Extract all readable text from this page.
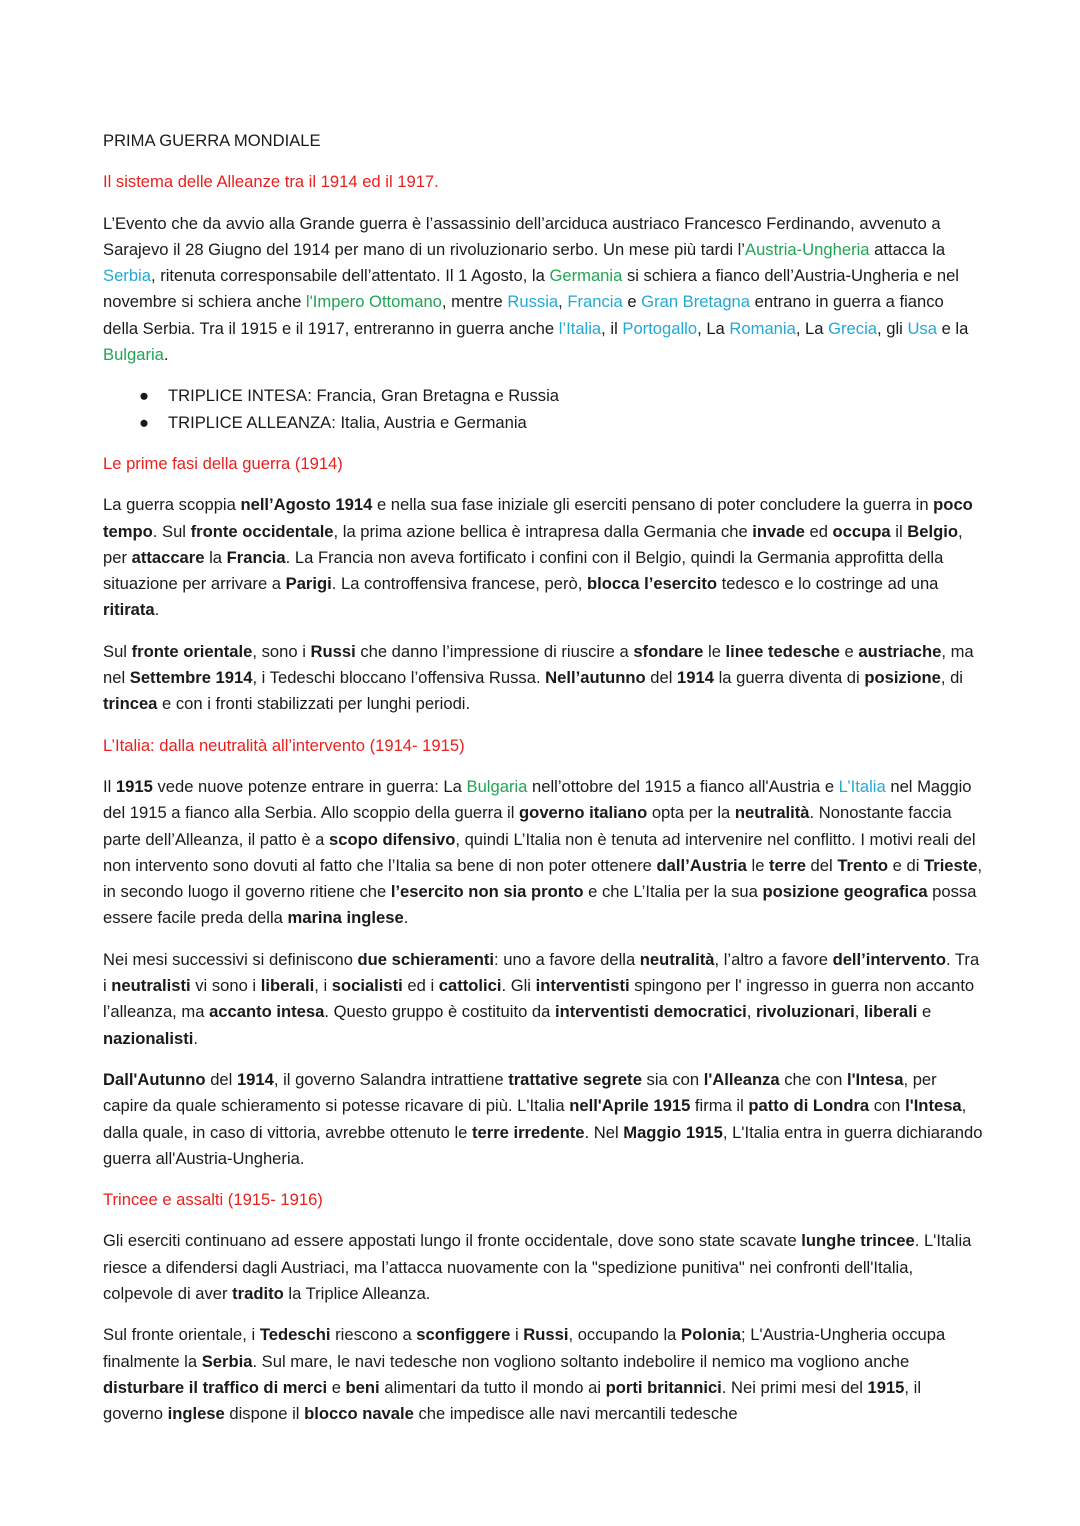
PRIMA GUERRA MONDIALE
Il sistema delle Alleanze tra il 1914 ed il 1917.

L’Evento che da avvio alla Grande guerra è l’assassinio dell’arciduca austriaco Francesco Ferdinando, avvenuto a Sarajevo il 28 Giugno del 1914 per mano di un rivoluzionario serbo. Un mese più tardi l’Austria-Ungheria attacca la Serbia, ritenuta corresponsabile dell’attentato. Il 1 Agosto, la Germania si schiera a fianco dell’Austria-Ungheria e nel novembre si schiera anche l'Impero Ottomano, mentre Russia, Francia e Gran Bretagna entrano in guerra a fianco della Serbia. Tra il 1915 e il 1917, entreranno in guerra anche l’Italia, il Portogallo, La Romania, La Grecia, gli Usa e la Bulgaria.

● TRIPLICE INTESA: Francia, Gran Bretagna e Russia
● TRIPLICE ALLEANZA: Italia, Austria e Germania
Le prime fasi della guerra (1914)

La guerra scoppia nell’Agosto 1914 e nella sua fase iniziale gli eserciti pensano di poter concludere la guerra in poco tempo. Sul fronte occidentale, la prima azione bellica è intrapresa dalla Germania che invade ed occupa il Belgio, per attaccare la Francia. La Francia non aveva fortificato i confini con il Belgio, quindi la Germania approfitta della situazione per arrivare a Parigi. La controffensiva francese, però, blocca l’esercito tedesco e lo costringe ad una ritirata.

Sul fronte orientale, sono i Russi che danno l’impressione di riuscire a sfondare le linee tedesche e austriache, ma nel Settembre 1914, i Tedeschi bloccano l’offensiva Russa. Nell’autunno del 1914 la guerra diventa di posizione, di trincea e con i fronti stabilizzati per lunghi periodi.

L’Italia: dalla neutralità all’intervento (1914- 1915)

Il 1915 vede nuove potenze entrare in guerra: La Bulgaria nell’ottobre del 1915 a fianco all'Austria e L’Italia nel Maggio del 1915 a fianco alla Serbia. Allo scoppio della guerra il governo italiano opta per la neutralità. Nonostante faccia parte dell’Alleanza, il patto è a scopo difensivo, quindi L’Italia non è tenuta ad intervenire nel conflitto. I motivi reali del non intervento sono dovuti al fatto che l’Italia sa bene di non poter ottenere dall’Austria le terre del Trento e di Trieste, in secondo luogo il governo ritiene che l’esercito non sia pronto e che L’Italia per la sua posizione geografica possa essere facile preda della marina inglese.

Nei mesi successivi si definiscono due schieramenti: uno a favore della neutralità, l’altro a favore dell’intervento. Tra i neutralisti vi sono i liberali, i socialisti ed i cattolici. Gli interventisti spingono per l' ingresso in guerra non accanto l’alleanza, ma accanto intesa. Questo gruppo è costituito da interventisti democratici, rivoluzionari, liberali e nazionalisti.

Dall'Autunno del 1914, il governo Salandra intrattiene trattative segrete sia con l'Alleanza che con l'Intesa, per capire da quale schieramento si potesse ricavare di più. L'Italia nell'Aprile 1915 firma il patto di Londra con l'Intesa, dalla quale, in caso di vittoria, avrebbe ottenuto le terre irredente. Nel Maggio 1915, L'Italia entra in guerra dichiarando guerra all'Austria-Ungheria.

Trincee e assalti (1915- 1916)

Gli eserciti continuano ad essere appostati lungo il fronte occidentale, dove sono state scavate lunghe trincee. L'Italia riesce a difendersi dagli Austriaci, ma l’attacca nuovamente con la "spedizione punitiva" nei confronti dell'Italia, colpevole di aver tradito la Triplice Alleanza.

Sul fronte orientale, i Tedeschi riescono a sconfiggere i Russi, occupando la Polonia; L'Austria-Ungheria occupa finalmente la Serbia. Sul mare, le navi tedesche non vogliono soltanto indebolire il nemico ma vogliono anche disturbare il traffico di merci e beni alimentari da tutto il mondo ai porti britannici. Nei primi mesi del 1915, il governo inglese dispone il blocco navale che impedisce alle navi mercantili tedesche
